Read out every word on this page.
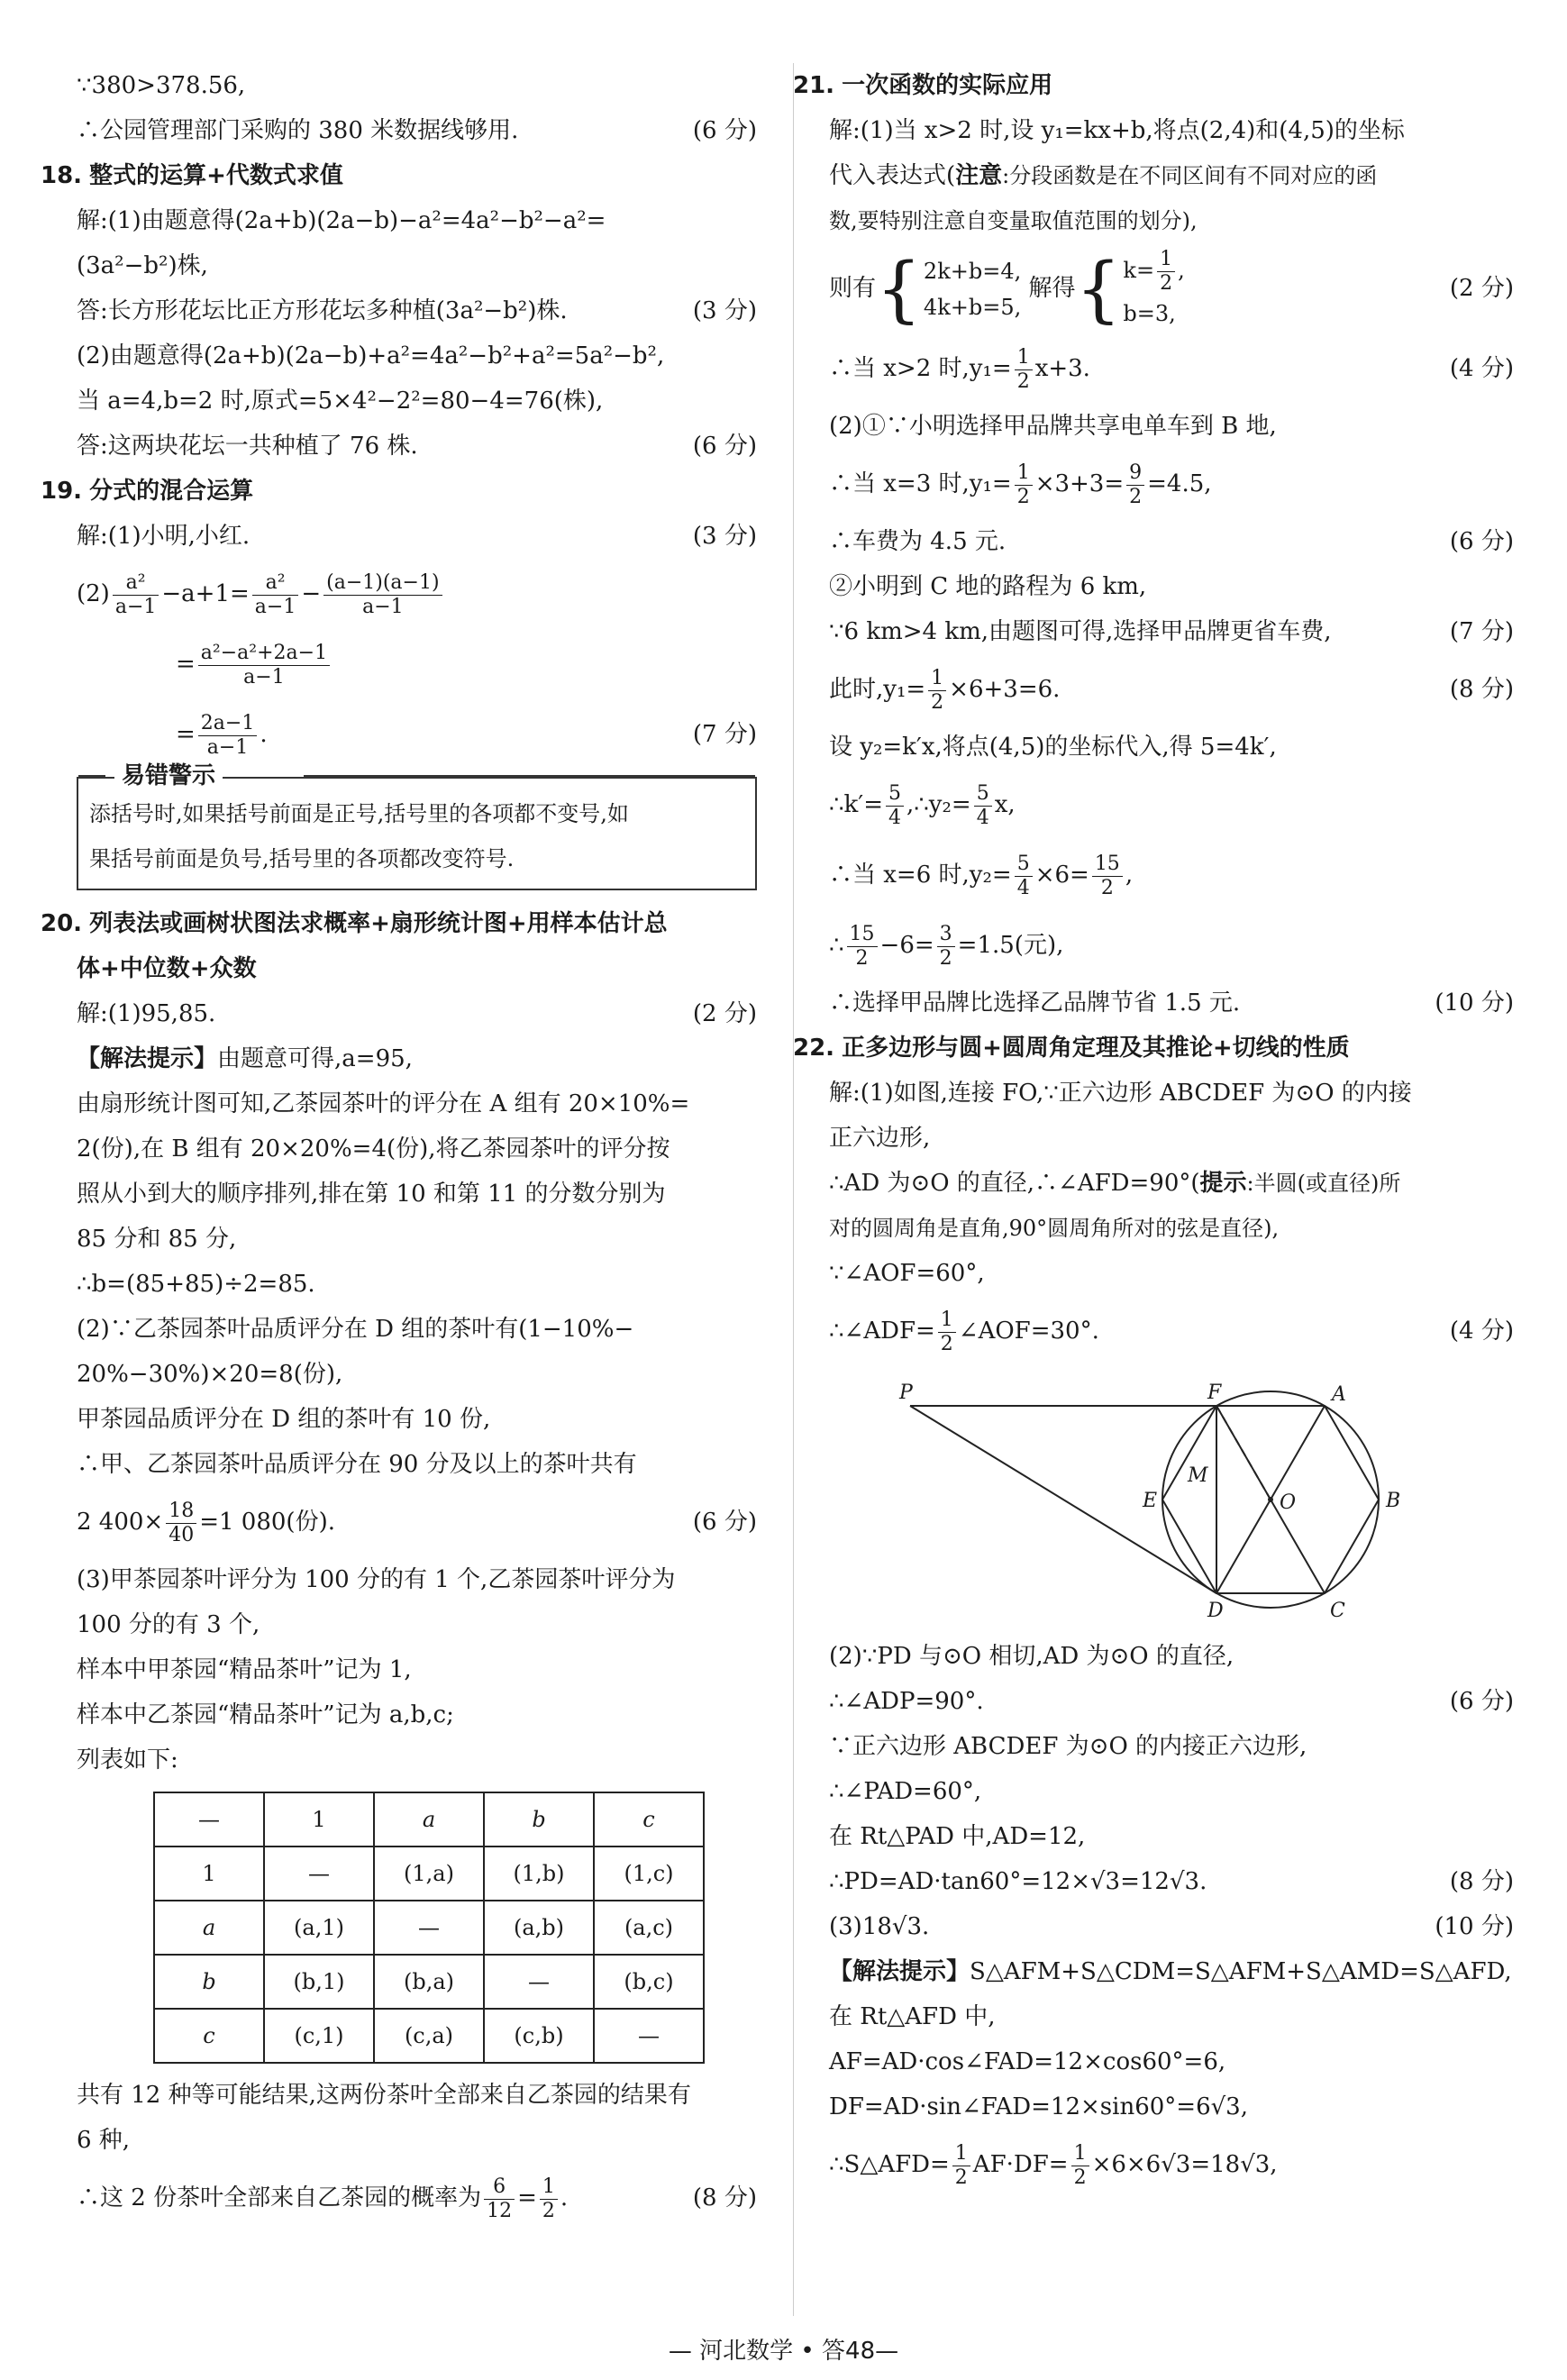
∵380>378.56,
∴公园管理部门采购的 380 米数据线够用.	(6 分)
18. 整式的运算+代数式求值
解:(1)由题意得(2a+b)(2a−b)−a²=4a²−b²−a²=
(3a²−b²)株,
答:长方形花坛比正方形花坛多种植(3a²−b²)株.	(3 分)
(2)由题意得(2a+b)(2a−b)+a²=4a²−b²+a²=5a²−b²,
当 a=4,b=2 时,原式=5×4²−2²=80−4=76(株),
答:这两块花坛一共种植了 76 株.	(6 分)
19. 分式的混合运算
解:(1)小明,小红.	(3 分)
$(2) \frac{\text{a²}}{a-1} -a+1= \frac{\text{a²}}{a-1} - \frac{(a-1)(a-1)}{a-1}$
= $\frac{\text{a²−a²+2a−1}}{a-1}$
= $\frac{2a-1}{a-1}$ .	(7 分)
易错警示

添括号时,如果括号前面是正号,括号里的各项都不变号,如

果括号前面是负号,括号里的各项都改变符号.

20. 列表法或画树状图法求概率+扇形统计图+用样本估计总
体+中位数+众数
解:(1)95,85.	(2 分)
【解法提示】由题意可得,a=95,
由扇形统计图可知,乙茶园茶叶的评分在 A 组有 20×10%=
2(份),在 B 组有 20×20%=4(份),将乙茶园茶叶的评分按
照从小到大的顺序排列,排在第 10 和第 11 的分数分别为
85 分和 85 分,
∴b=(85+85)÷2=85.
(2)∵乙茶园茶叶品质评分在 D 组的茶叶有(1−10%−
20%−30%)×20=8(份),
甲茶园品质评分在 D 组的茶叶有 10 份,
∴甲、乙茶园茶叶品质评分在 90 分及以上的茶叶共有
2 $400\times \frac{18}{40} =1$ 080(份).	(6 分)
(3)甲茶园茶叶评分为 100 分的有 1 个,乙茶园茶叶评分为
100 分的有 3 个,
样本中甲茶园“精品茶叶”记为 1,
样本中乙茶园“精品茶叶”记为 a,b,c;
列表如下:
—	1	a	b	c
1	—	(1,a)	(1,b)	(1,c)
a	(a,1)	—	(a,b)	(a,c)
b	(b,1)	(b,a)	—	(b,c)
c	(c,1)	(c,a)	(c,b)	—
共有 12 种等可能结果,这两份茶叶全部来自乙茶园的结果有
6 种,
∴这 2 份茶叶全部来自乙茶园的概率为 $\frac{6}{12} = \frac{1}{2}$ .	(8 分)
21. 一次函数的实际应用
解:(1)当 x>2 时,设 y₁=kx+b,将点(2,4)和(4,5)的坐标
代入表达式(注意:分段函数是在不同区间有不同对应的函
数,要特别注意自变量取值范围的划分),
则有{ 2k+b=4,
4k+b=5,
解得{ $k= \frac{1}{2}$ ,
b=3,
(2 分)
∴当 x>2 时$,y_1= \frac{1}{2} x+3$.	(4 分)
(2)①∵小明选择甲品牌共享电单车到 B 地,
∴当 x=3 时$,y_1= \frac{1}{2} \times 3+3= \frac{9}{2} =4.5$,
∴车费为 4.5 元.	(6 分)
②小明到 C 地的路程为 6 km,
∵6 km>4 km,由题图可得,选择甲品牌更省车费,	(7 分)
此时$,y_1= \frac{1}{2} \times 6+3=6$.	(8 分)
设 y₂=k′x,将点(4,5)的坐标代入,得 5=4k′,
∴k′= $\frac{5}{4}$ ,∴y₂= $\frac{5}{4} x$,
∴当 x=6 时$,y_2= \frac{5}{4} \times 6= \frac{15}{2}$ ,
∴ $\frac{15}{2} -6= \frac{3}{2} =1.5$(元),
∴选择甲品牌比选择乙品牌节省 1.5 元.	(10 分)
22. 正多边形与圆+圆周角定理及其推论+切线的性质
解:(1)如图,连接 FO,∵正六边形 ABCDEF 为⊙O 的内接
正六边形,
∴AD 为⊙O 的直径,∴∠AFD=90°(提示:半圆(或直径)所
对的圆周角是直角,90°圆周角所对的弦是直径),
∵∠AOF=60°,
∴∠ADF= $\frac{1}{2}$ ∠AOF=30°.	(4 分)
P	F	A
M
O
E	B
D	C
(2)∵PD 与⊙O 相切,AD 为⊙O 的直径,
∴∠ADP=90°.	(6 分)
∵正六边形 ABCDEF 为⊙O 的内接正六边形,
∴∠PAD=60°,
在 Rt△PAD 中,AD=12,
∴PD=AD·tan60°=12×√3=12√3.	(8 分)
(3)18√3.	(10 分)
【解法提示】S△AFM+S△CDM=S△AFM+S△AMD=S△AFD,
在 Rt△AFD 中,
AF=AD·cos∠FAD=12×cos60°=6,
DF=AD·sin∠FAD=12×sin60°=6√3,
∴S△AFD= $\frac{1}{2} AF\cdot DF= \frac{1}{2} \times 6\times 6√3=18√3$,
— 河北数学 • 答48—
